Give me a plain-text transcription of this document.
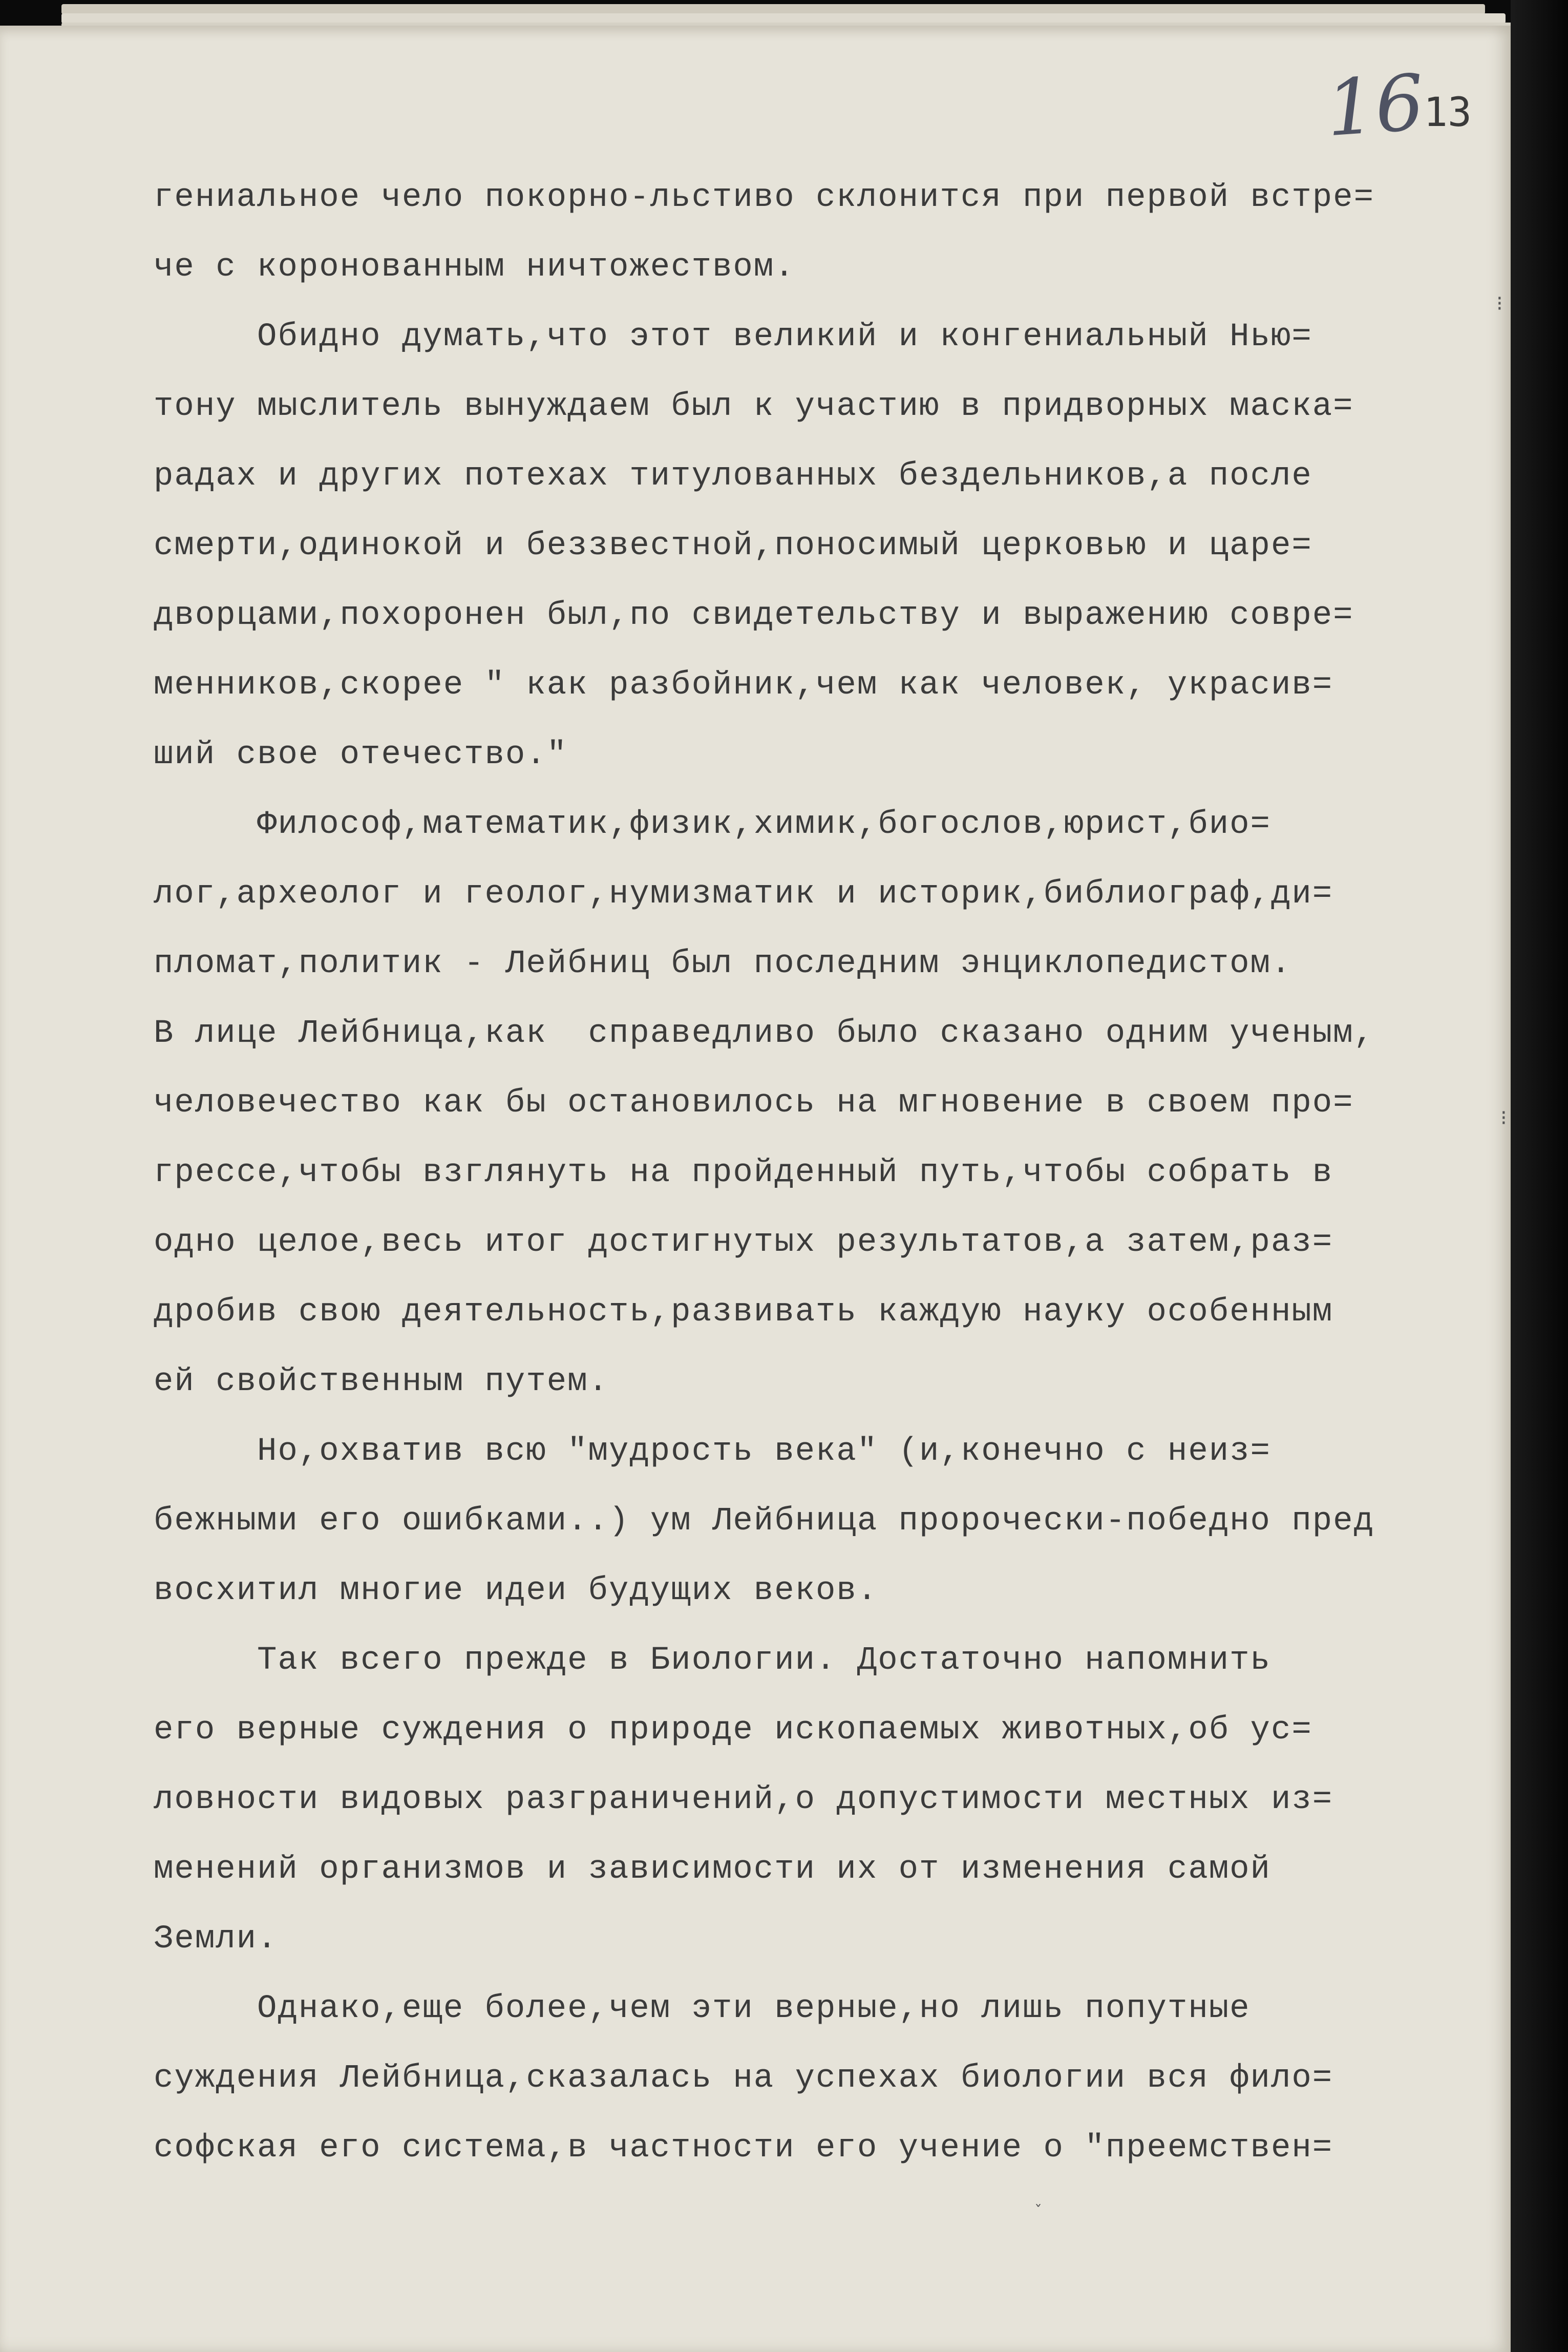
16
13
⁝
⁝
ˇ
гениальное чело покорно-льстиво склонится при первой встре=
че с коронованным ничтожеством.
Обидно думать,что этот великий и конгениальный Нью=
тону мыслитель вынуждаем был к участию в придворных маска=
радах и других потехах титулованных бездельников,а после
смерти,одинокой и беззвестной,поносимый церковью и царе=
дворцами,похоронен был,по свидетельству и выражению совре=
менников,скорее " как разбойник,чем как человек, украсив=
ший свое отечество."
Философ,математик,физик,химик,богослов,юрист,био=
лог,археолог и геолог,нумизматик и историк,библиограф,ди=
пломат,политик - Лейбниц был последним энциклопедистом.
В лице Лейбница,как  справедливо было сказано одним ученым,
человечество как бы остановилось на мгновение в своем про=
грессе,чтобы взглянуть на пройденный путь,чтобы собрать в
одно целое,весь итог достигнутых результатов,а затем,раз=
дробив свою деятельность,развивать каждую науку особенным
ей свойственным путем.
Но,охватив всю "мудрость века" (и,конечно с неиз=
бежными его ошибками..) ум Лейбница пророчески-победно пред
восхитил многие идеи будущих веков.
Так всего прежде в Биологии. Достаточно напомнить
его верные суждения о природе ископаемых животных,об ус=
ловности видовых разграничений,о допустимости местных из=
менений организмов и зависимости их от изменения самой
Земли.
Однако,еще более,чем эти верные,но лишь попутные
суждения Лейбница,сказалась на успехах биологии вся фило=
софская его система,в частности его учение о "преемствен=
